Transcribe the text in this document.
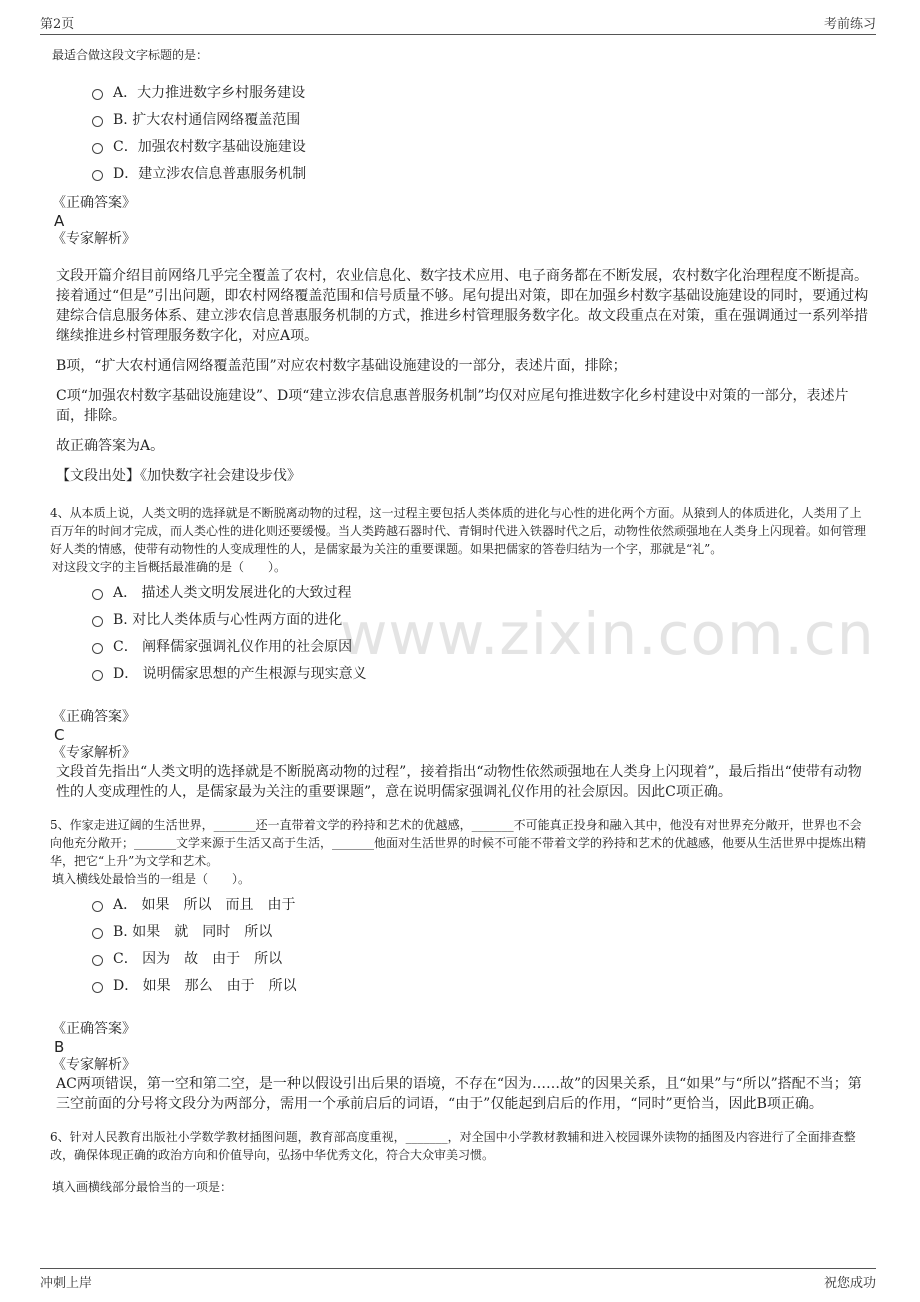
第2页	考前练习
www.zixin.com.cn

最适合做这段文字标题的是：

A．大力推进数字乡村服务建设
B. 扩大农村通信网络覆盖范围
C．加强农村数字基础设施建设
D．建立涉农信息普惠服务机制

《正确答案》

A

《专家解析》

文段开篇介绍目前网络几乎完全覆盖了农村，农业信息化、数字技术应用、电子商务都在不断发展，农村数字化治理程度不断提高。接着通过“但是”引出问题，即农村网络覆盖范围和信号质量不够。尾句提出对策，即在加强乡村数字基础设施建设的同时，要通过构建综合信息服务体系、建立涉农信息普惠服务机制的方式，推进乡村管理服务数字化。故文段重点在对策，重在强调通过一系列举措继续推进乡村管理服务数字化，对应A项。

B项，“扩大农村通信网络覆盖范围”对应农村数字基础设施建设的一部分，表述片面，排除；

C项“加强农村数字基础设施建设”、D项“建立涉农信息惠普服务机制”均仅对应尾句推进数字化乡村建设中对策的一部分，表述片面，排除。

故正确答案为A。

【文段出处】《加快数字社会建设步伐》

4、从本质上说，人类文明的选择就是不断脱离动物的过程，这一过程主要包括人类体质的进化与心性的进化两个方面。从猿到人的体质进化，人类用了上百万年的时间才完成，而人类心性的进化则还要缓慢。当人类跨越石器时代、青铜时代进入铁器时代之后，动物性依然顽强地在人类身上闪现着。如何管理好人类的情感，使带有动物性的人变成理性的人，是儒家最为关注的重要课题。如果把儒家的答卷归结为一个字，那就是“礼”。

对这段文字的主旨概括最准确的是（　　）。

A． 描述人类文明发展进化的大致过程
B. 对比人类体质与心性两方面的进化
C． 阐释儒家强调礼仪作用的社会原因
D． 说明儒家思想的产生根源与现实意义

《正确答案》

C

《专家解析》

文段首先指出“人类文明的选择就是不断脱离动物的过程”，接着指出“动物性依然顽强地在人类身上闪现着”，最后指出“使带有动物性的人变成理性的人，是儒家最为关注的重要课题”，意在说明儒家强调礼仪作用的社会原因。因此C项正确。

5、作家走进辽阔的生活世界，_______还一直带着文学的矜持和艺术的优越感，_______不可能真正投身和融入其中，他没有对世界充分敞开，世界也不会向他充分敞开；_______文学来源于生活又高于生活，_______他面对生活世界的时候不可能不带着文学的矜持和艺术的优越感，他要从生活世界中提炼出精华，把它“上升”为文学和艺术。

填入横线处最恰当的一组是（　　）。

A． 如果　所以　而且　由于
B. 如果　就　同时　所以
C． 因为　故　由于　所以
D． 如果　那么　由于　所以

《正确答案》

B

《专家解析》

AC两项错误，第一空和第二空，是一种以假设引出后果的语境，不存在“因为……故”的因果关系，且“如果”与“所以”搭配不当；第三空前面的分号将文段分为两部分，需用一个承前启后的词语，“由于”仅能起到启后的作用，“同时”更恰当，因此B项正确。

6、针对人民教育出版社小学数学教材插图问题，教育部高度重视，_______，对全国中小学教材教辅和进入校园课外读物的插图及内容进行了全面排查整改，确保体现正确的政治方向和价值导向，弘扬中华优秀文化，符合大众审美习惯。

填入画横线部分最恰当的一项是：

冲刺上岸	祝您成功
